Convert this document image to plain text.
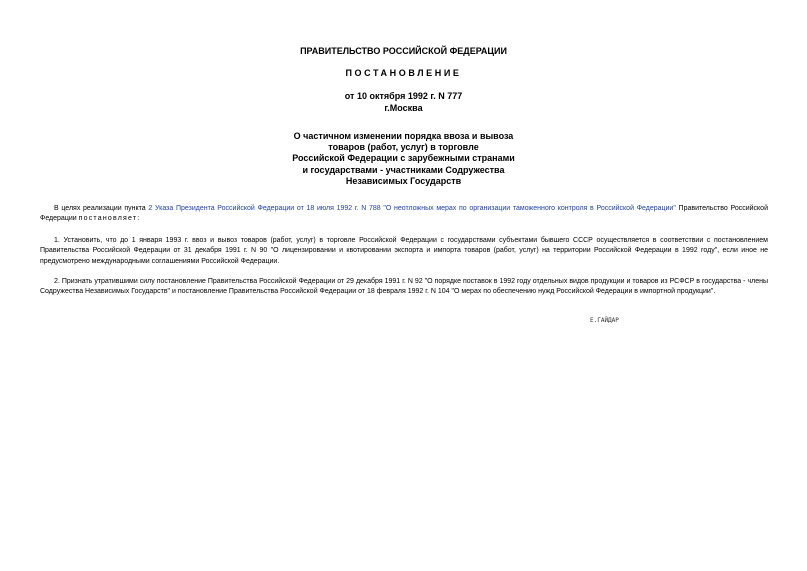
ПРАВИТЕЛЬСТВО РОССИЙСКОЙ ФЕДЕРАЦИИ
ПОСТАНОВЛЕНИЕ
от 10 октября 1992 г. N 777
г.Москва
О частичном изменении порядка ввоза и вывоза
товаров (работ, услуг) в торговле
Российской Федерации с зарубежными странами
и государствами - участниками Содружества
Независимых Государств
В целях реализации пункта 2 Указа Президента Российской Федерации от 18 июля 1992 г. N 788 "О неотложных мерах по организации таможенного контроля в Российской Федерации" Правительство Российской Федерации постановляет:
1. Установить, что до 1 января 1993 г. ввоз и вывоз товаров (работ, услуг) в торговле Российской Федерации с государствами субъектами бывшего СССР осуществляется в соответствии с постановлением Правительства Российской Федерации от 31 декабря 1991 г. N 90 "О лицензировании и квотировании экспорта и импорта товаров (работ, услуг) на территории Российской Федерации в 1992 году", если иное не предусмотрено международными соглашениями Российской Федерации.
2. Признать утратившими силу постановление Правительства Российской Федерации от 29 декабря 1991 г. N 92 "О порядке поставок в 1992 году отдельных видов продукции и товаров из РСФСР в государства - члены Содружества Независимых Государств" и постановление Правительства Российской Федерации от 18 февраля 1992 г. N 104 "О мерах по обеспечению нужд Российской Федерации в импортной продукции".
Е.ГАЙДАР
